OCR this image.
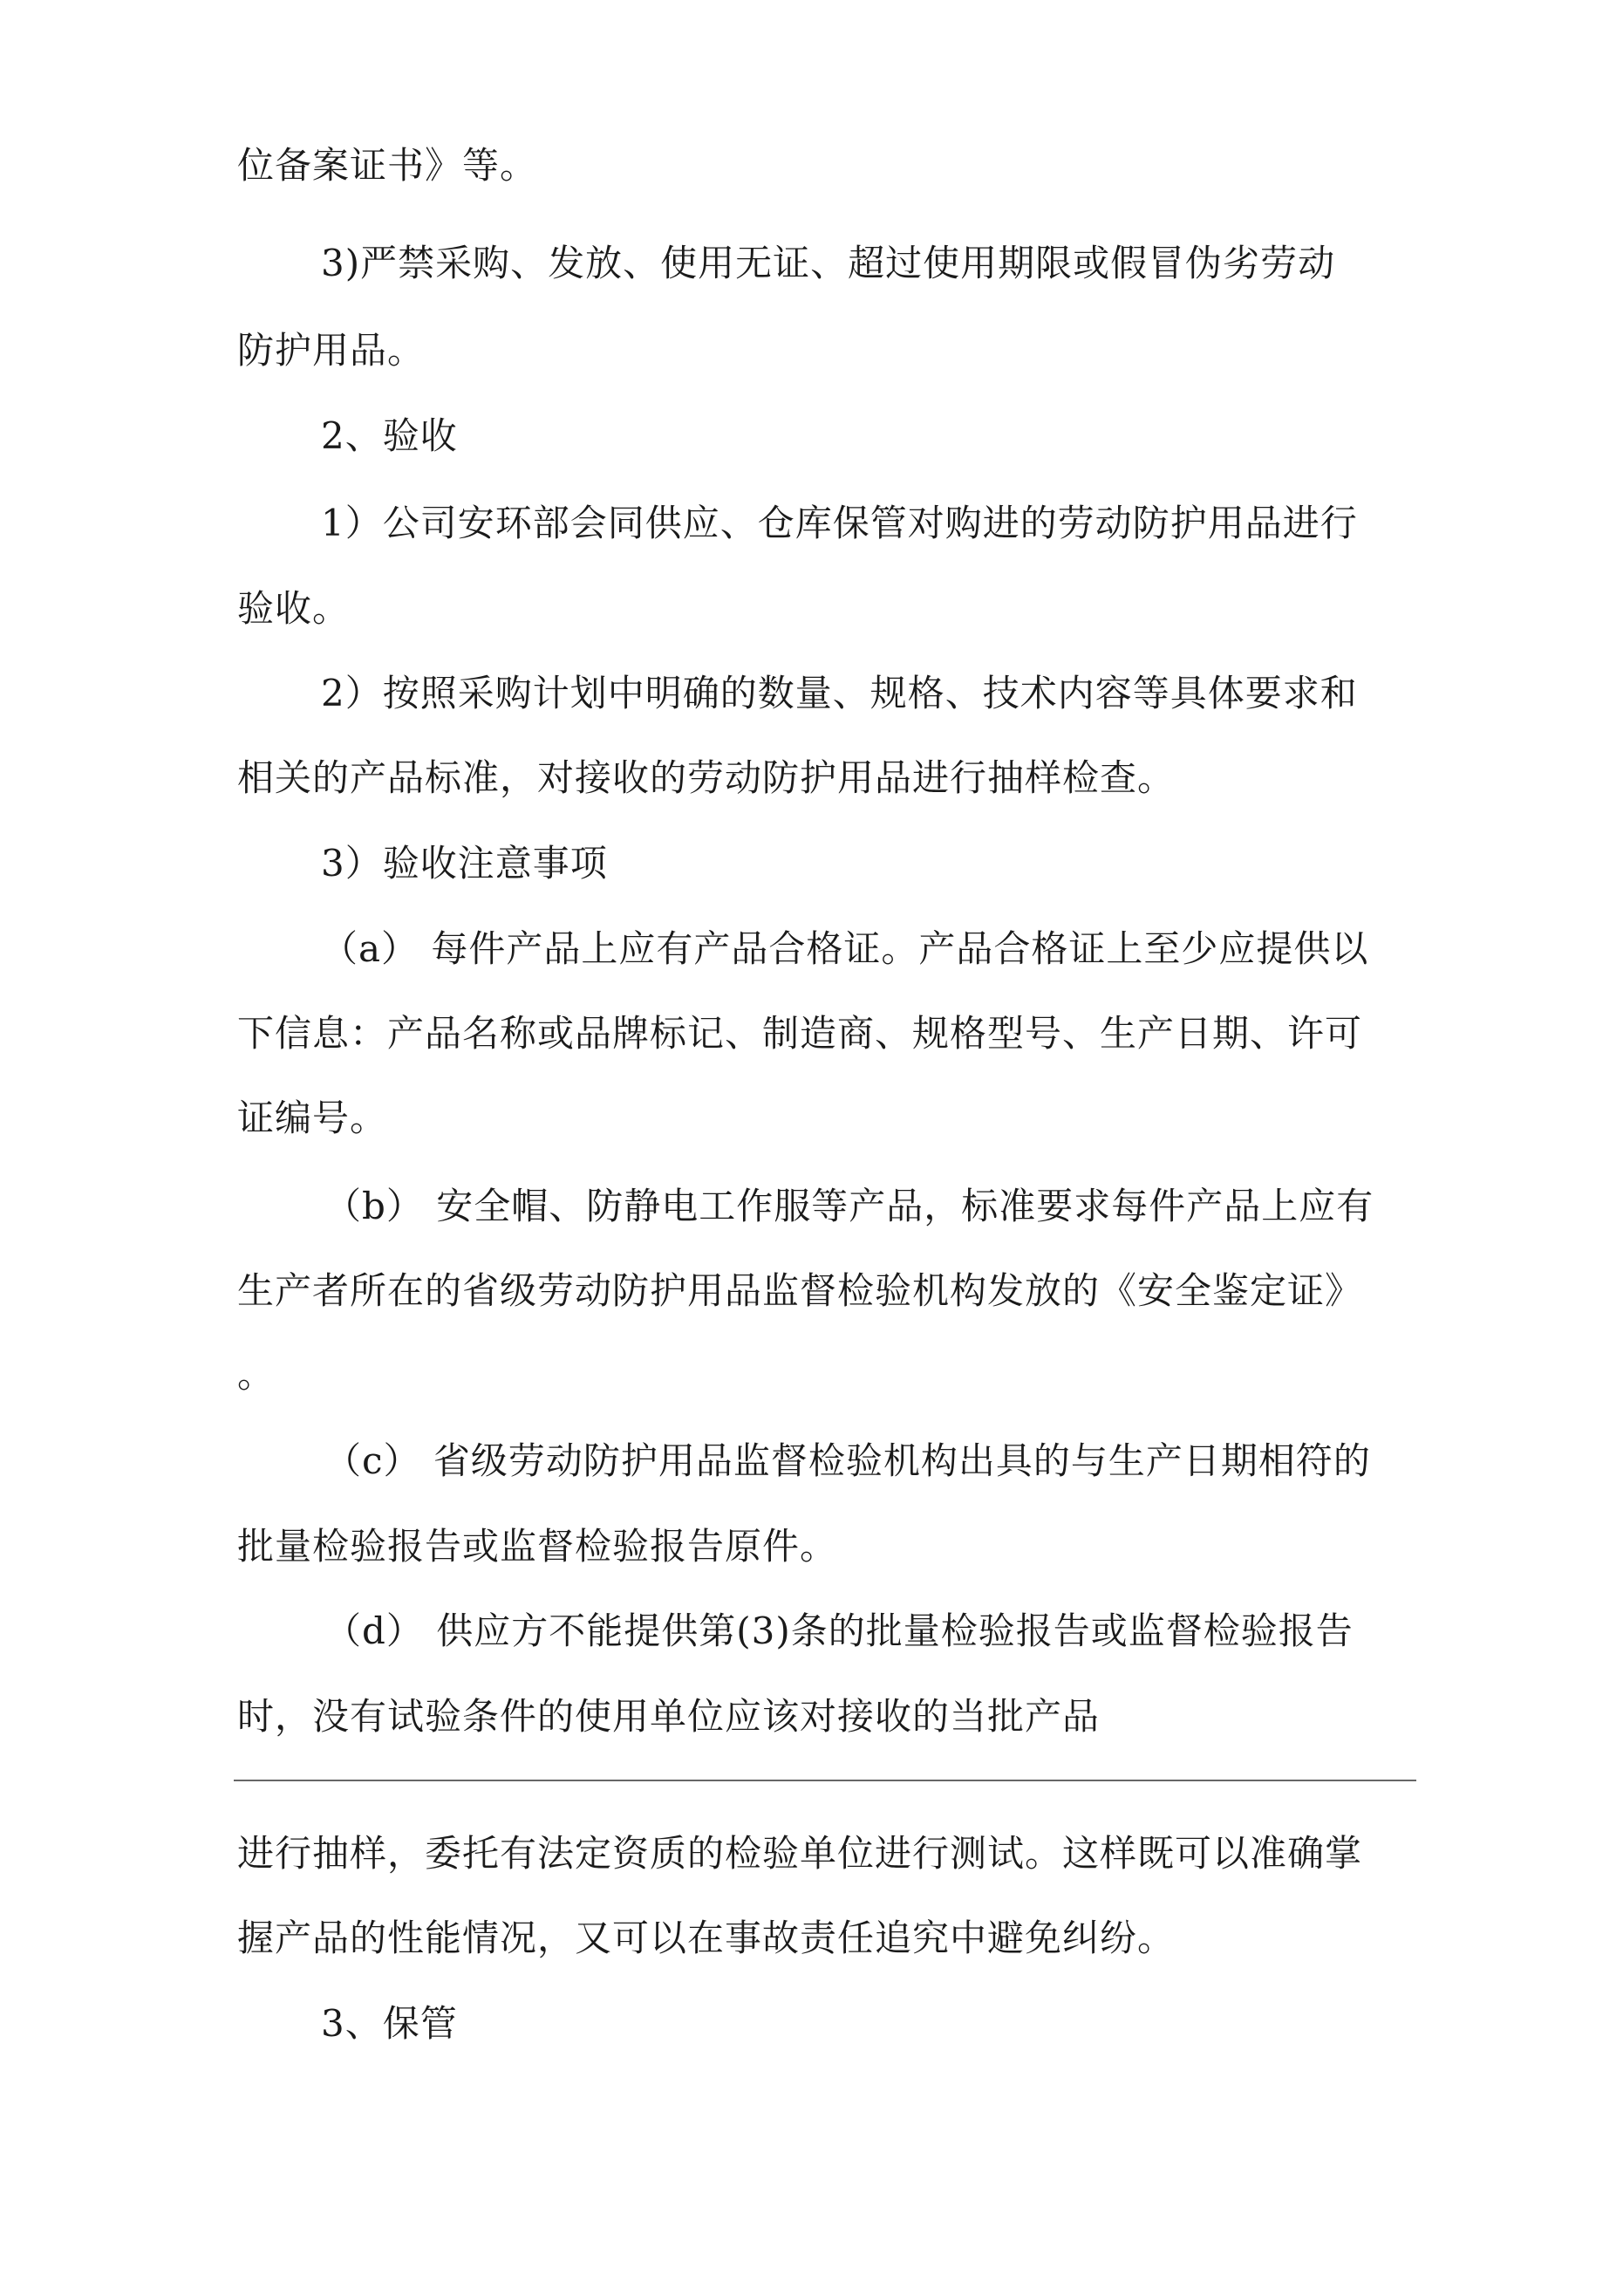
位备案证书》等。
3)严禁采购、发放、使用无证、超过使用期限或假冒伪劣劳动
防护用品。
2、验收
1）公司安环部会同供应、仓库保管对购进的劳动防护用品进行
验收。
2）按照采购计划中明确的数量、规格、技术内容等具体要求和
相关的产品标准，对接收的劳动防护用品进行抽样检查。
3）验收注意事项
（a） 每件产品上应有产品合格证。产品合格证上至少应提供以
下信息：产品名称或品牌标记、制造商、规格型号、生产日期、许可
证编号。
（b） 安全帽、防静电工作服等产品，标准要求每件产品上应有
生产者所在的省级劳动防护用品监督检验机构发放的《安全鉴定证》
。
（c） 省级劳动防护用品监督检验机构出具的与生产日期相符的
批量检验报告或监督检验报告原件。
（d） 供应方不能提供第(3)条的批量检验报告或监督检验报告
时，没有试验条件的使用单位应该对接收的当批产品
进行抽样，委托有法定资质的检验单位进行测试。这样既可以准确掌
握产品的性能情况，又可以在事故责任追究中避免纠纷。
3、保管
